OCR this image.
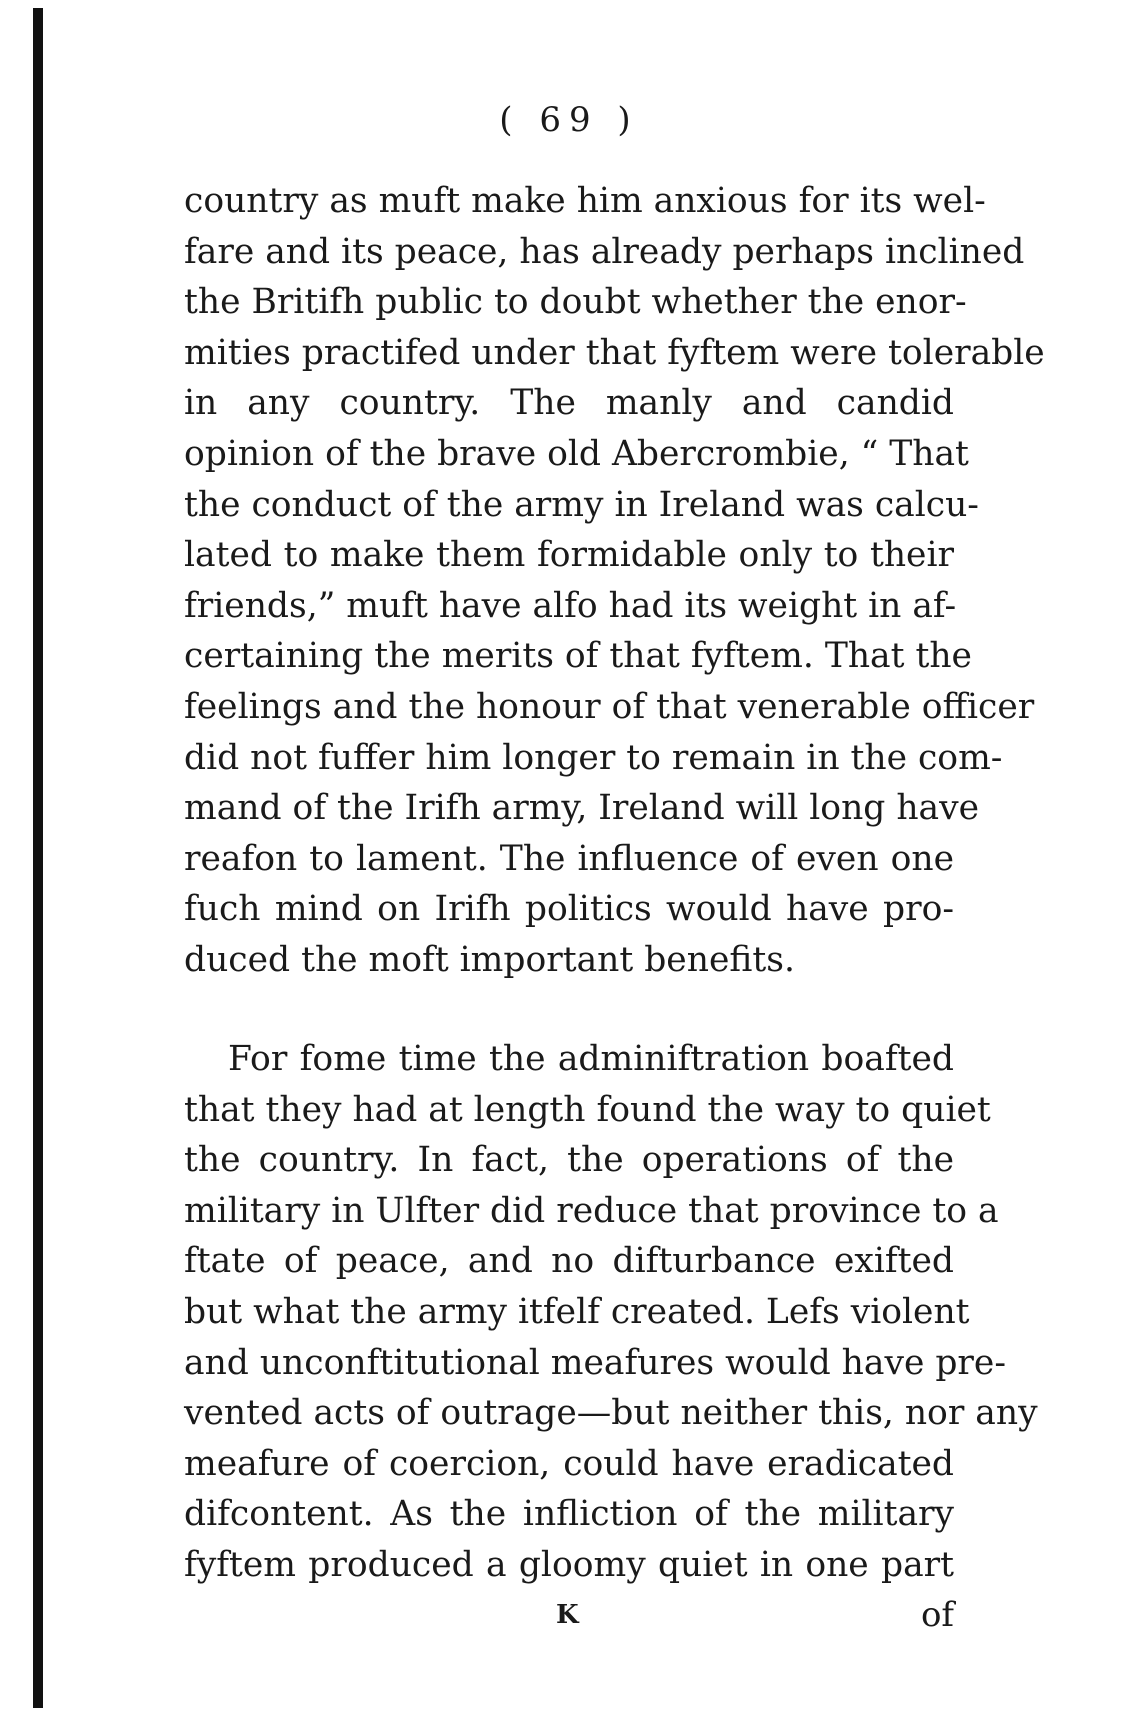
( 69 )
country as muft make him anxious for its wel-
fare and its peace, has already perhaps inclined
the Britifh public to doubt whether the enor-
mities practifed under that fyftem were tolerable
in any country. The manly and candid
opinion of the brave old Abercrombie, “ That
the conduct of the army in Ireland was calcu-
lated to make them formidable only to their
friends,” muft have alfo had its weight in af-
certaining the merits of that fyftem. That the
feelings and the honour of that venerable officer
did not fuffer him longer to remain in the com-
mand of the Irifh army, Ireland will long have
reafon to lament. The influence of even one
fuch mind on Irifh politics would have pro-
duced the moft important benefits.
For fome time the adminiftration boafted
that they had at length found the way to quiet
the country. In fact, the operations of the
military in Ulfter did reduce that province to a
ftate of peace, and no difturbance exifted
but what the army itfelf created. Lefs violent
and unconftitutional meafures would have pre-
vented acts of outrage—but neither this, nor any
meafure of coercion, could have eradicated
difcontent. As the infliction of the military
fyftem produced a gloomy quiet in one part
K	of
